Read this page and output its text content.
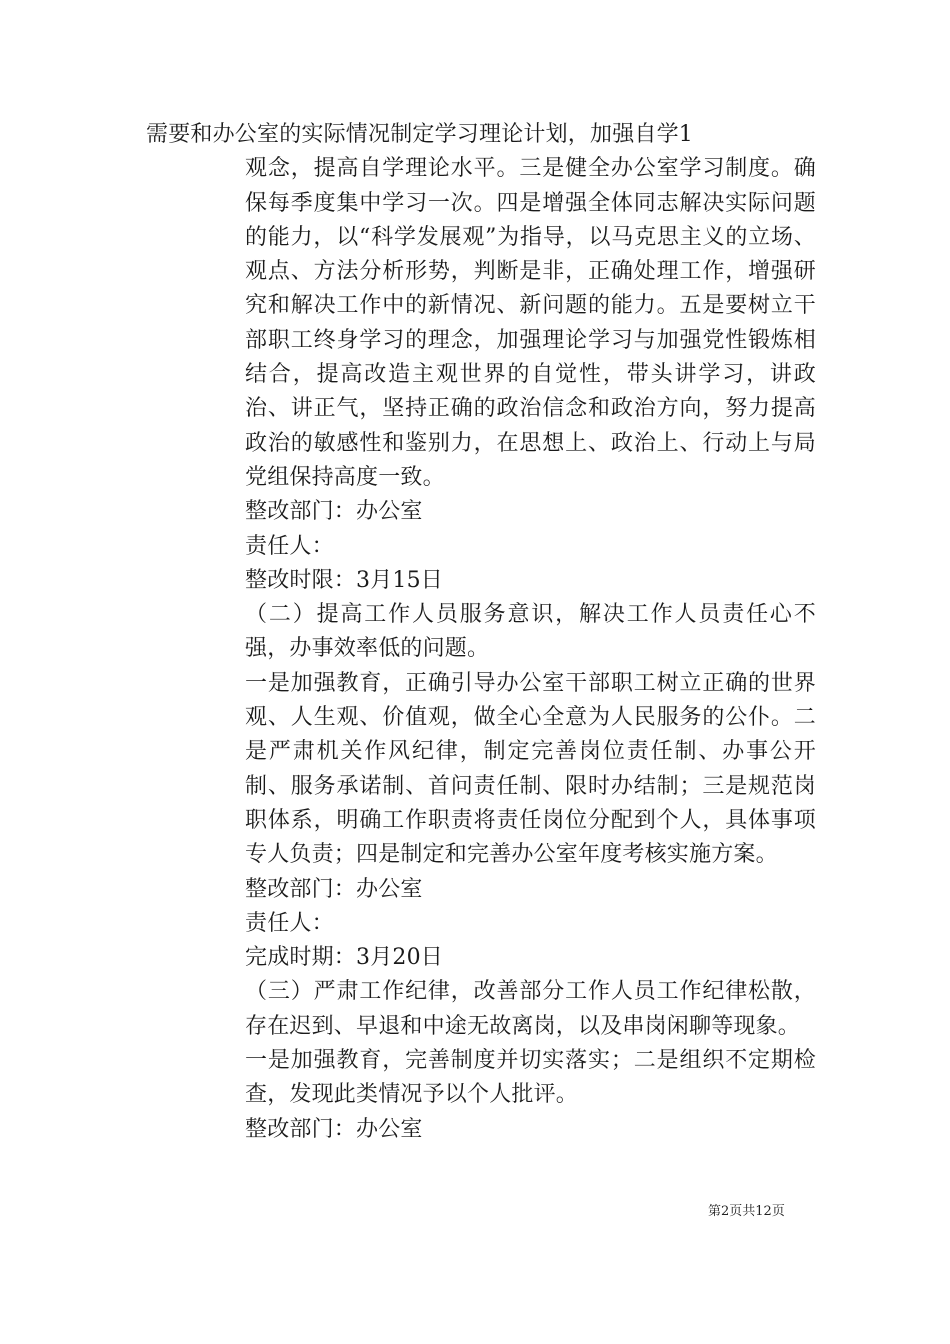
需要和办公室的实际情况制定学习理论计划，加强自学1

观念，提高自学理论水平。三是健全办公室学习制度。确保每季度集中学习一次。四是增强全体同志解决实际问题的能力，以“科学发展观”为指导，以马克思主义的立场、观点、方法分析形势，判断是非，正确处理工作，增强研究和解决工作中的新情况、新问题的能力。五是要树立干部职工终身学习的理念，加强理论学习与加强党性锻炼相结合，提高改造主观世界的自觉性，带头讲学习，讲政治、讲正气，坚持正确的政治信念和政治方向，努力提高政治的敏感性和鉴别力，在思想上、政治上、行动上与局党组保持高度一致。

整改部门：办公室

责任人：

整改时限：3月15日

（二）提高工作人员服务意识，解决工作人员责任心不强，办事效率低的问题。

一是加强教育，正确引导办公室干部职工树立正确的世界观、人生观、价值观，做全心全意为人民服务的公仆。二是严肃机关作风纪律，制定完善岗位责任制、办事公开制、服务承诺制、首问责任制、限时办结制；三是规范岗职体系，明确工作职责将责任岗位分配到个人，具体事项专人负责；四是制定和完善办公室年度考核实施方案。

整改部门：办公室

责任人：

完成时期：3月20日

（三）严肃工作纪律，改善部分工作人员工作纪律松散，存在迟到、早退和中途无故离岗，以及串岗闲聊等现象。

一是加强教育，完善制度并切实落实；二是组织不定期检查，发现此类情况予以个人批评。

整改部门：办公室

第2页共12页
